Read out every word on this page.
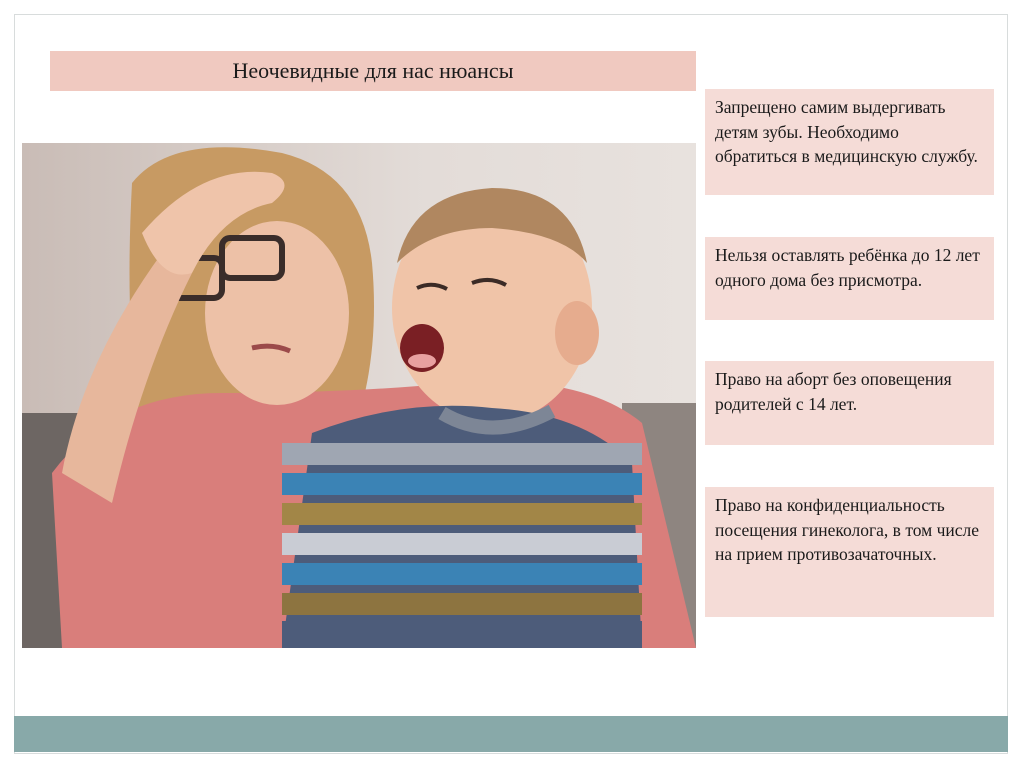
Неочевидные для нас нюансы
Запрещено самим выдергивать детям зубы. Необходимо обратиться в медицинскую службу.
Нельзя оставлять ребёнка до 12 лет одного дома без присмотра.
Право на аборт без оповещения родителей с 14 лет.
Право на конфиденциальность посещения гинеколога, в том числе на прием противозачаточных.
